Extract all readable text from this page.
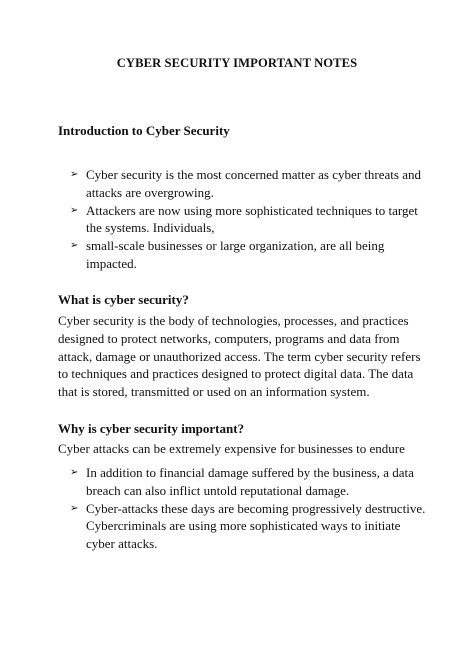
CYBER SECURITY IMPORTANT NOTES
Introduction to Cyber Security
➢ Cyber security is the most concerned matter as cyber threats and attacks are overgrowing.
➢ Attackers are now using more sophisticated techniques to target the systems. Individuals,
➢ small-scale businesses or large organization, are all being impacted.
What is cyber security?
Cyber security is the body of technologies, processes, and practices designed to protect networks, computers, programs and data from attack, damage or unauthorized access. The term cyber security refers to techniques and practices designed to protect digital data. The data that is stored, transmitted or used on an information system.
Why is cyber security important?
Cyber attacks can be extremely expensive for businesses to endure
➢ In addition to financial damage suffered by the business, a data breach can also inflict untold reputational damage.
➢ Cyber-attacks these days are becoming progressively destructive. Cybercriminals are using more sophisticated ways to initiate cyber attacks.
